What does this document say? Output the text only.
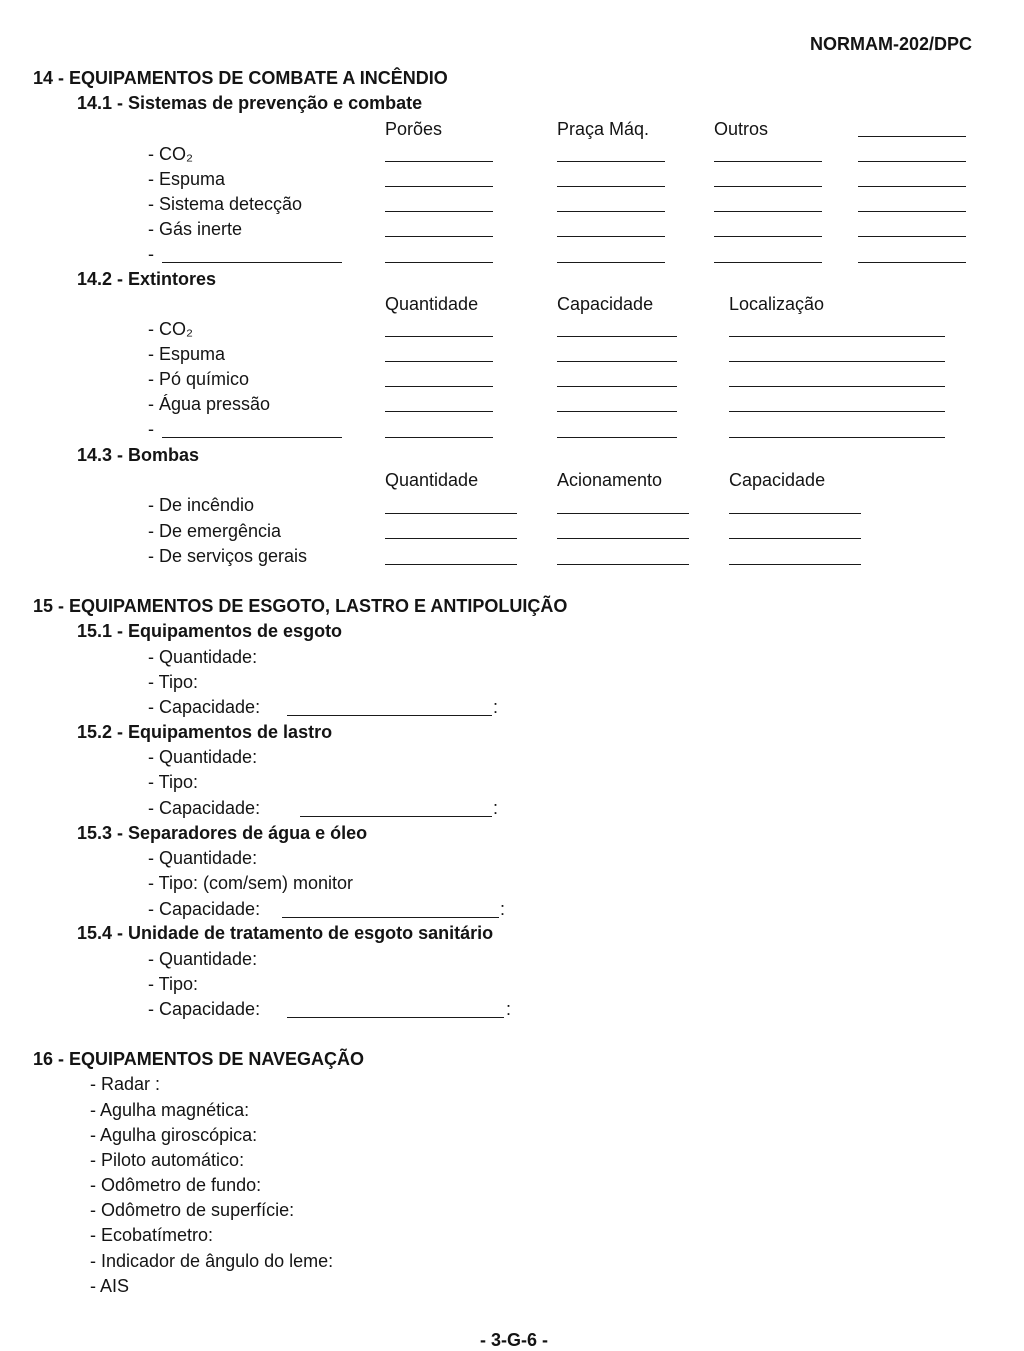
NORMAM-202/DPC
14 - EQUIPAMENTOS DE COMBATE A INCÊNDIO
14.1 - Sistemas de prevenção e combate
Porões	Praça Máq.	Outros
- CO₂
- Espuma
- Sistema detecção
- Gás inerte
-
14.2 - Extintores
Quantidade	Capacidade	Localização
- CO₂
- Espuma
- Pó químico
- Água pressão
-
14.3 - Bombas
Quantidade	Acionamento	Capacidade
- De incêndio
- De emergência
- De serviços gerais
15 - EQUIPAMENTOS DE ESGOTO, LASTRO E ANTIPOLUIÇÃO
15.1 - Equipamentos de esgoto
- Quantidade:
- Tipo:
- Capacidade:	:
15.2 - Equipamentos de lastro
- Quantidade:
- Tipo:
- Capacidade:	:
15.3 - Separadores de água e óleo
- Quantidade:
- Tipo: (com/sem) monitor
- Capacidade:	:
15.4 - Unidade de tratamento de esgoto sanitário
- Quantidade:
- Tipo:
- Capacidade:	:
16 - EQUIPAMENTOS DE NAVEGAÇÃO
- Radar :
- Agulha magnética:
- Agulha giroscópica:
- Piloto automático:
- Odômetro de fundo:
- Odômetro de superfície:
- Ecobatímetro:
- Indicador de ângulo do leme:
- AIS
- 3-G-6 -
